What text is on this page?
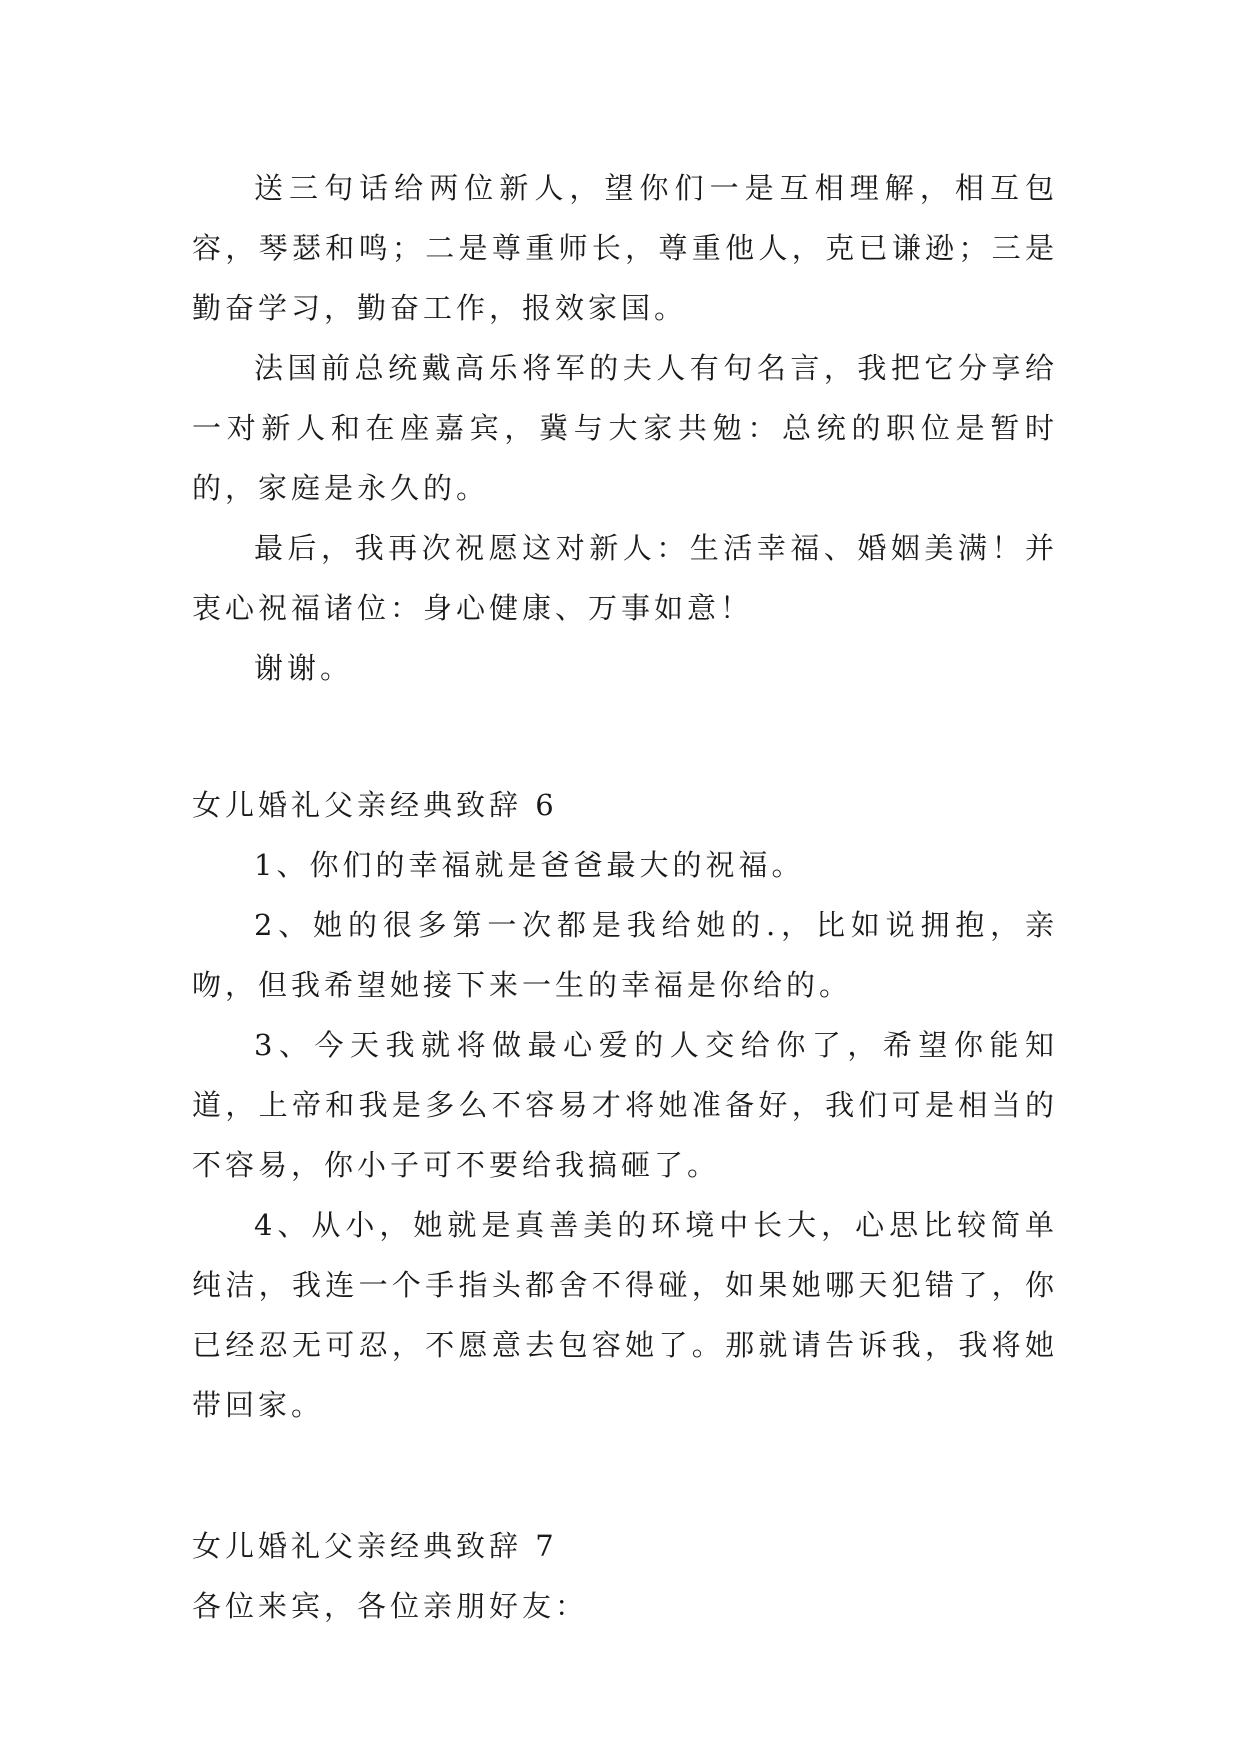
送三句话给两位新人，望你们一是互相理解，相互包容，琴瑟和鸣；二是尊重师长，尊重他人，克已谦逊；三是勤奋学习，勤奋工作，报效家国。

法国前总统戴高乐将军的夫人有句名言，我把它分享给一对新人和在座嘉宾，冀与大家共勉：总统的职位是暂时的，家庭是永久的。

最后，我再次祝愿这对新人：生活幸福、婚姻美满！并衷心祝福诸位：身心健康、万事如意！

谢谢。

女儿婚礼父亲经典致辞 6

1、你们的幸福就是爸爸最大的祝福。

2、她的很多第一次都是我给她的.，比如说拥抱，亲吻，但我希望她接下来一生的幸福是你给的。

3、今天我就将做最心爱的人交给你了，希望你能知道，上帝和我是多么不容易才将她准备好，我们可是相当的不容易，你小子可不要给我搞砸了。

4、从小，她就是真善美的环境中长大，心思比较简单纯洁，我连一个手指头都舍不得碰，如果她哪天犯错了，你已经忍无可忍，不愿意去包容她了。那就请告诉我，我将她带回家。

女儿婚礼父亲经典致辞 7

各位来宾，各位亲朋好友：
